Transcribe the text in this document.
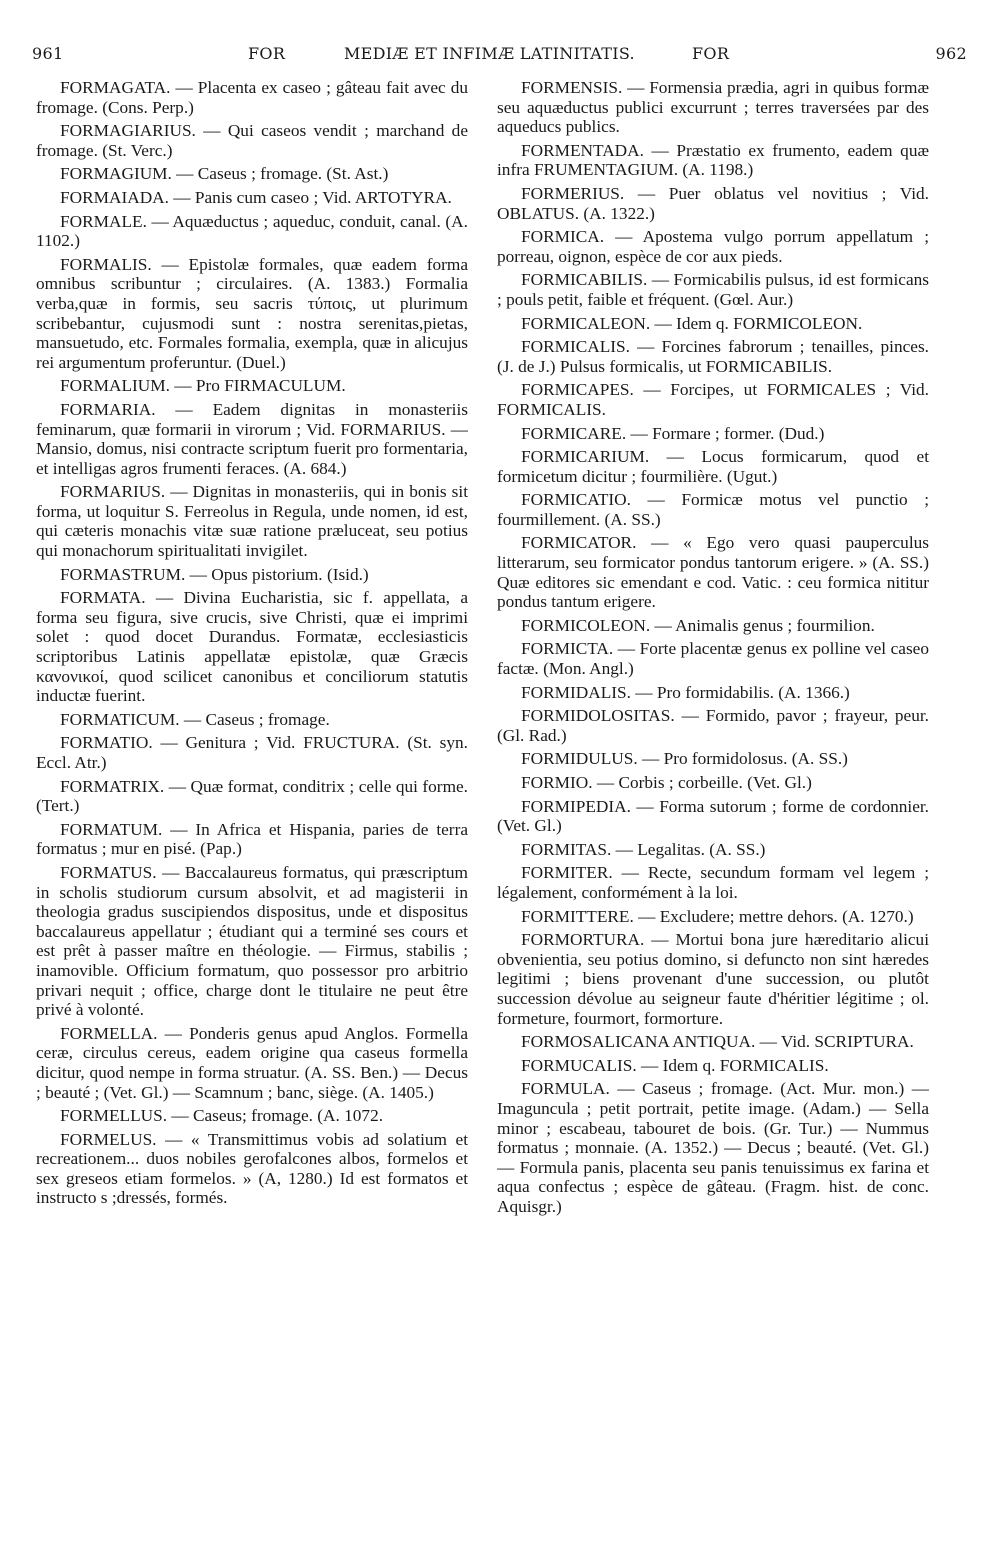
961	FOR	MEDIÆ ET INFIMÆ LATINITATIS.	FOR	962
FORMAGATA. — Placenta ex caseo ; gâteau fait avec du fromage. (Cons. Perp.)
FORMAGIARIUS. — Qui caseos vendit ; marchand de fromage. (St. Verc.)
FORMAGIUM. — Caseus ; fromage. (St. Ast.)
FORMAIADA. — Panis cum caseo ; Vid. ARTOTYRA.
FORMALE. — Aquæductus ; aqueduc, conduit, canal. (A. 1102.)
FORMALIS. — Epistolæ formales, quæ eadem forma omnibus scribuntur ; circulaires. (A. 1383.) Formalia verba,quæ in formis, seu sacris τύποις, ut plurimum scribebantur, cujusmodi sunt : nostra serenitas,pietas, mansuetudo, etc. Formales formalia, exempla, quæ in alicujus rei argumentum proferuntur. (Duel.)
FORMALIUM. — Pro FIRMACULUM.
FORMARIA. — Eadem dignitas in monasteriis feminarum, quæ formarii in virorum ; Vid. FORMARIUS. — Mansio, domus, nisi contracte scriptum fuerit pro formentaria, et intelligas agros frumenti feraces. (A. 684.)
FORMARIUS. — Dignitas in monasteriis, qui in bonis sit forma, ut loquitur S. Ferreolus in Regula, unde nomen, id est, qui cæteris monachis vitæ suæ ratione præluceat, seu potius qui monachorum spiritualitati invigilet.
FORMASTRUM. — Opus pistorium. (Isid.)
FORMATA. — Divina Eucharistia, sic f. appellata, a forma seu figura, sive crucis, sive Christi, quæ ei imprimi solet : quod docet Durandus. Formatæ, ecclesiasticis scriptoribus Latinis appellatæ epistolæ, quæ Græcis κανονικοί, quod scilicet canonibus et conciliorum statutis inductæ fuerint.
FORMATICUM. — Caseus ; fromage.
FORMATIO. — Genitura ; Vid. FRUCTURA. (St. syn. Eccl. Atr.)
FORMATRIX. — Quæ format, conditrix ; celle qui forme. (Tert.)
FORMATUM. — In Africa et Hispania, paries de terra formatus ; mur en pisé. (Pap.)
FORMATUS. — Baccalaureus formatus, qui præscriptum in scholis studiorum cursum absolvit, et ad magisterii in theologia gradus suscipiendos dispositus, unde et dispositus baccalaureus appellatur ; étudiant qui a terminé ses cours et est prêt à passer maître en théologie. — Firmus, stabilis ; inamovible. Officium formatum, quo possessor pro arbitrio privari nequit ; office, charge dont le titulaire ne peut être privé à volonté.
FORMELLA. — Ponderis genus apud Anglos. Formella ceræ, circulus cereus, eadem origine qua caseus formella dicitur, quod nempe in forma struatur. (A. SS. Ben.) — Decus ; beauté ; (Vet. Gl.) — Scamnum ; banc, siège. (A. 1405.)
FORMELLUS. — Caseus; fromage. (A. 1072.
FORMELUS. — « Transmittimus vobis ad solatium et recreationem... duos nobiles gerofalcones albos, formelos et sex greseos etiam formelos. » (A, 1280.) Id est formatos et instructo s ;dressés, formés.
FORMENSIS. — Formensia prædia, agri in quibus formæ seu aquæductus publici excurrunt ; terres traversées par des aqueducs publics.
FORMENTADA. — Præstatio ex frumento, eadem quæ infra FRUMENTAGIUM. (A. 1198.)
FORMERIUS. — Puer oblatus vel novitius ; Vid. OBLATUS. (A. 1322.)
FORMICA. — Apostema vulgo porrum appellatum ; porreau, oignon, espèce de cor aux pieds.
FORMICABILIS. — Formicabilis pulsus, id est formicans ; pouls petit, faible et fréquent. (Gœl. Aur.)
FORMICALEON. — Idem q. FORMICOLEON.
FORMICALIS. — Forcines fabrorum ; tenailles, pinces. (J. de J.) Pulsus formicalis, ut FORMICABILIS.
FORMICAPES. — Forcipes, ut FORMICALES ; Vid. FORMICALIS.
FORMICARE. — Formare ; former. (Dud.)
FORMICARIUM. — Locus formicarum, quod et formicetum dicitur ; fourmilière. (Ugut.)
FORMICATIO. — Formicæ motus vel punctio ; fourmillement. (A. SS.)
FORMICATOR. — « Ego vero quasi pauperculus litterarum, seu formicator pondus tantorum erigere. » (A. SS.) Quæ editores sic emendant e cod. Vatic. : ceu formica nititur pondus tantum erigere.
FORMICOLEON. — Animalis genus ; fourmilion.
FORMICTA. — Forte placentæ genus ex polline vel caseo factæ. (Mon. Angl.)
FORMIDALIS. — Pro formidabilis. (A. 1366.)
FORMIDOLOSITAS. — Formido, pavor ; frayeur, peur. (Gl. Rad.)
FORMIDULUS. — Pro formidolosus. (A. SS.)
FORMIO. — Corbis ; corbeille. (Vet. Gl.)
FORMIPEDIA. — Forma sutorum ; forme de cordonnier. (Vet. Gl.)
FORMITAS. — Legalitas. (A. SS.)
FORMITER. — Recte, secundum formam vel legem ; légalement, conformément à la loi.
FORMITTERE. — Excludere; mettre dehors. (A. 1270.)
FORMORTURA. — Mortui bona jure hæreditario alicui obvenientia, seu potius domino, si defuncto non sint hæredes legitimi ; biens provenant d'une succession, ou plutôt succession dévolue au seigneur faute d'héritier légitime ; ol. formeture, fourmort, formorture.
FORMOSALICANA ANTIQUA. — Vid. SCRIPTURA.
FORMUCALIS. — Idem q. FORMICALIS.
FORMULA. — Caseus ; fromage. (Act. Mur. mon.) — Imaguncula ; petit portrait, petite image. (Adam.) — Sella minor ; escabeau, tabouret de bois. (Gr. Tur.) — Nummus formatus ; monnaie. (A. 1352.) — Decus ; beauté. (Vet. Gl.) — Formula panis, placenta seu panis tenuissimus ex farina et aqua confectus ; espèce de gâteau. (Fragm. hist. de conc. Aquisgr.)
